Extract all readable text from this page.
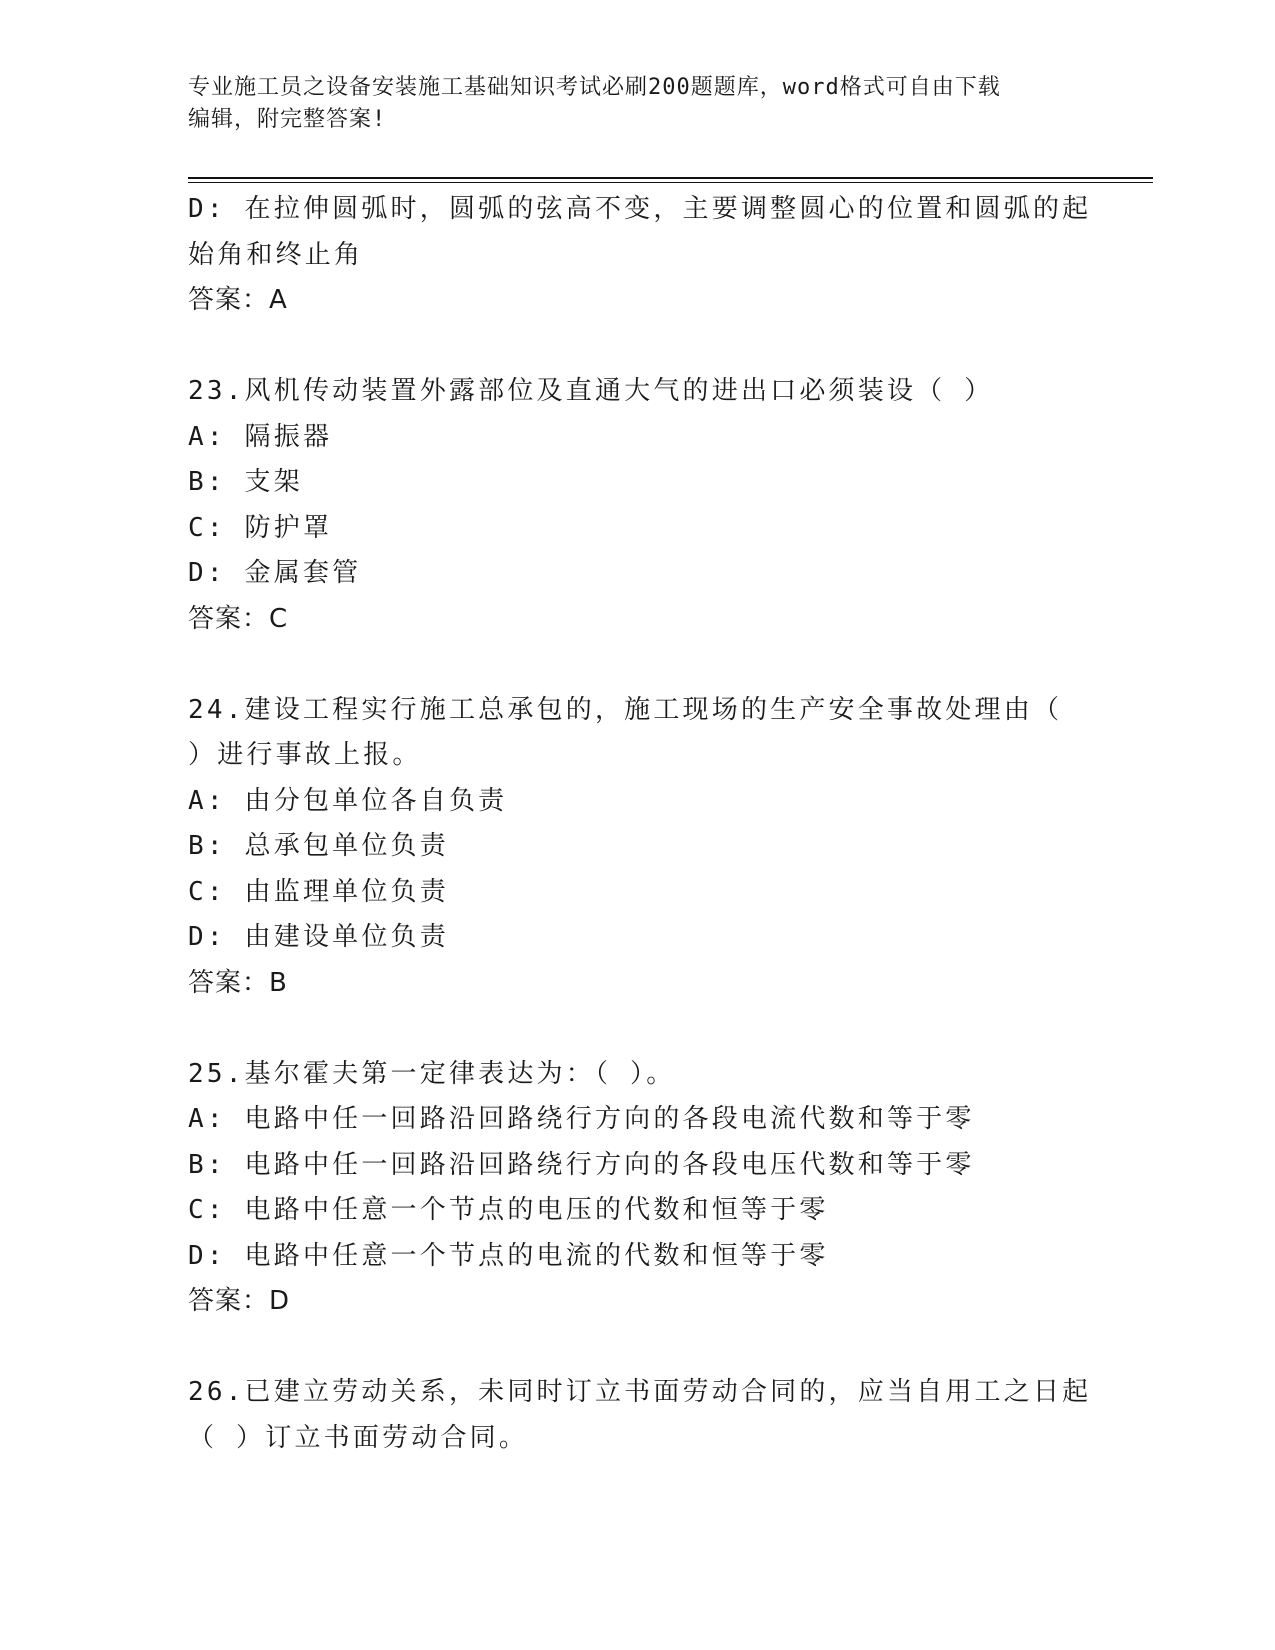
专业施工员之设备安装施工基础知识考试必刷200题题库，word格式可自由下载
编辑，附完整答案!
D: 在拉伸圆弧时，圆弧的弦高不变，主要调整圆心的位置和圆弧的起
始角和终止角
答案：A
23.风机传动装置外露部位及直通大气的进出口必须装设（ ）
A: 隔振器
B: 支架
C: 防护罩
D: 金属套管
答案：C
24.建设工程实行施工总承包的，施工现场的生产安全事故处理由（
）进行事故上报。
A: 由分包单位各自负责
B: 总承包单位负责
C: 由监理单位负责
D: 由建设单位负责
答案：B
25.基尔霍夫第一定律表达为：（ ）。
A: 电路中任一回路沿回路绕行方向的各段电流代数和等于零
B: 电路中任一回路沿回路绕行方向的各段电压代数和等于零
C: 电路中任意一个节点的电压的代数和恒等于零
D: 电路中任意一个节点的电流的代数和恒等于零
答案：D
26.已建立劳动关系，未同时订立书面劳动合同的，应当自用工之日起
（ ）订立书面劳动合同。
